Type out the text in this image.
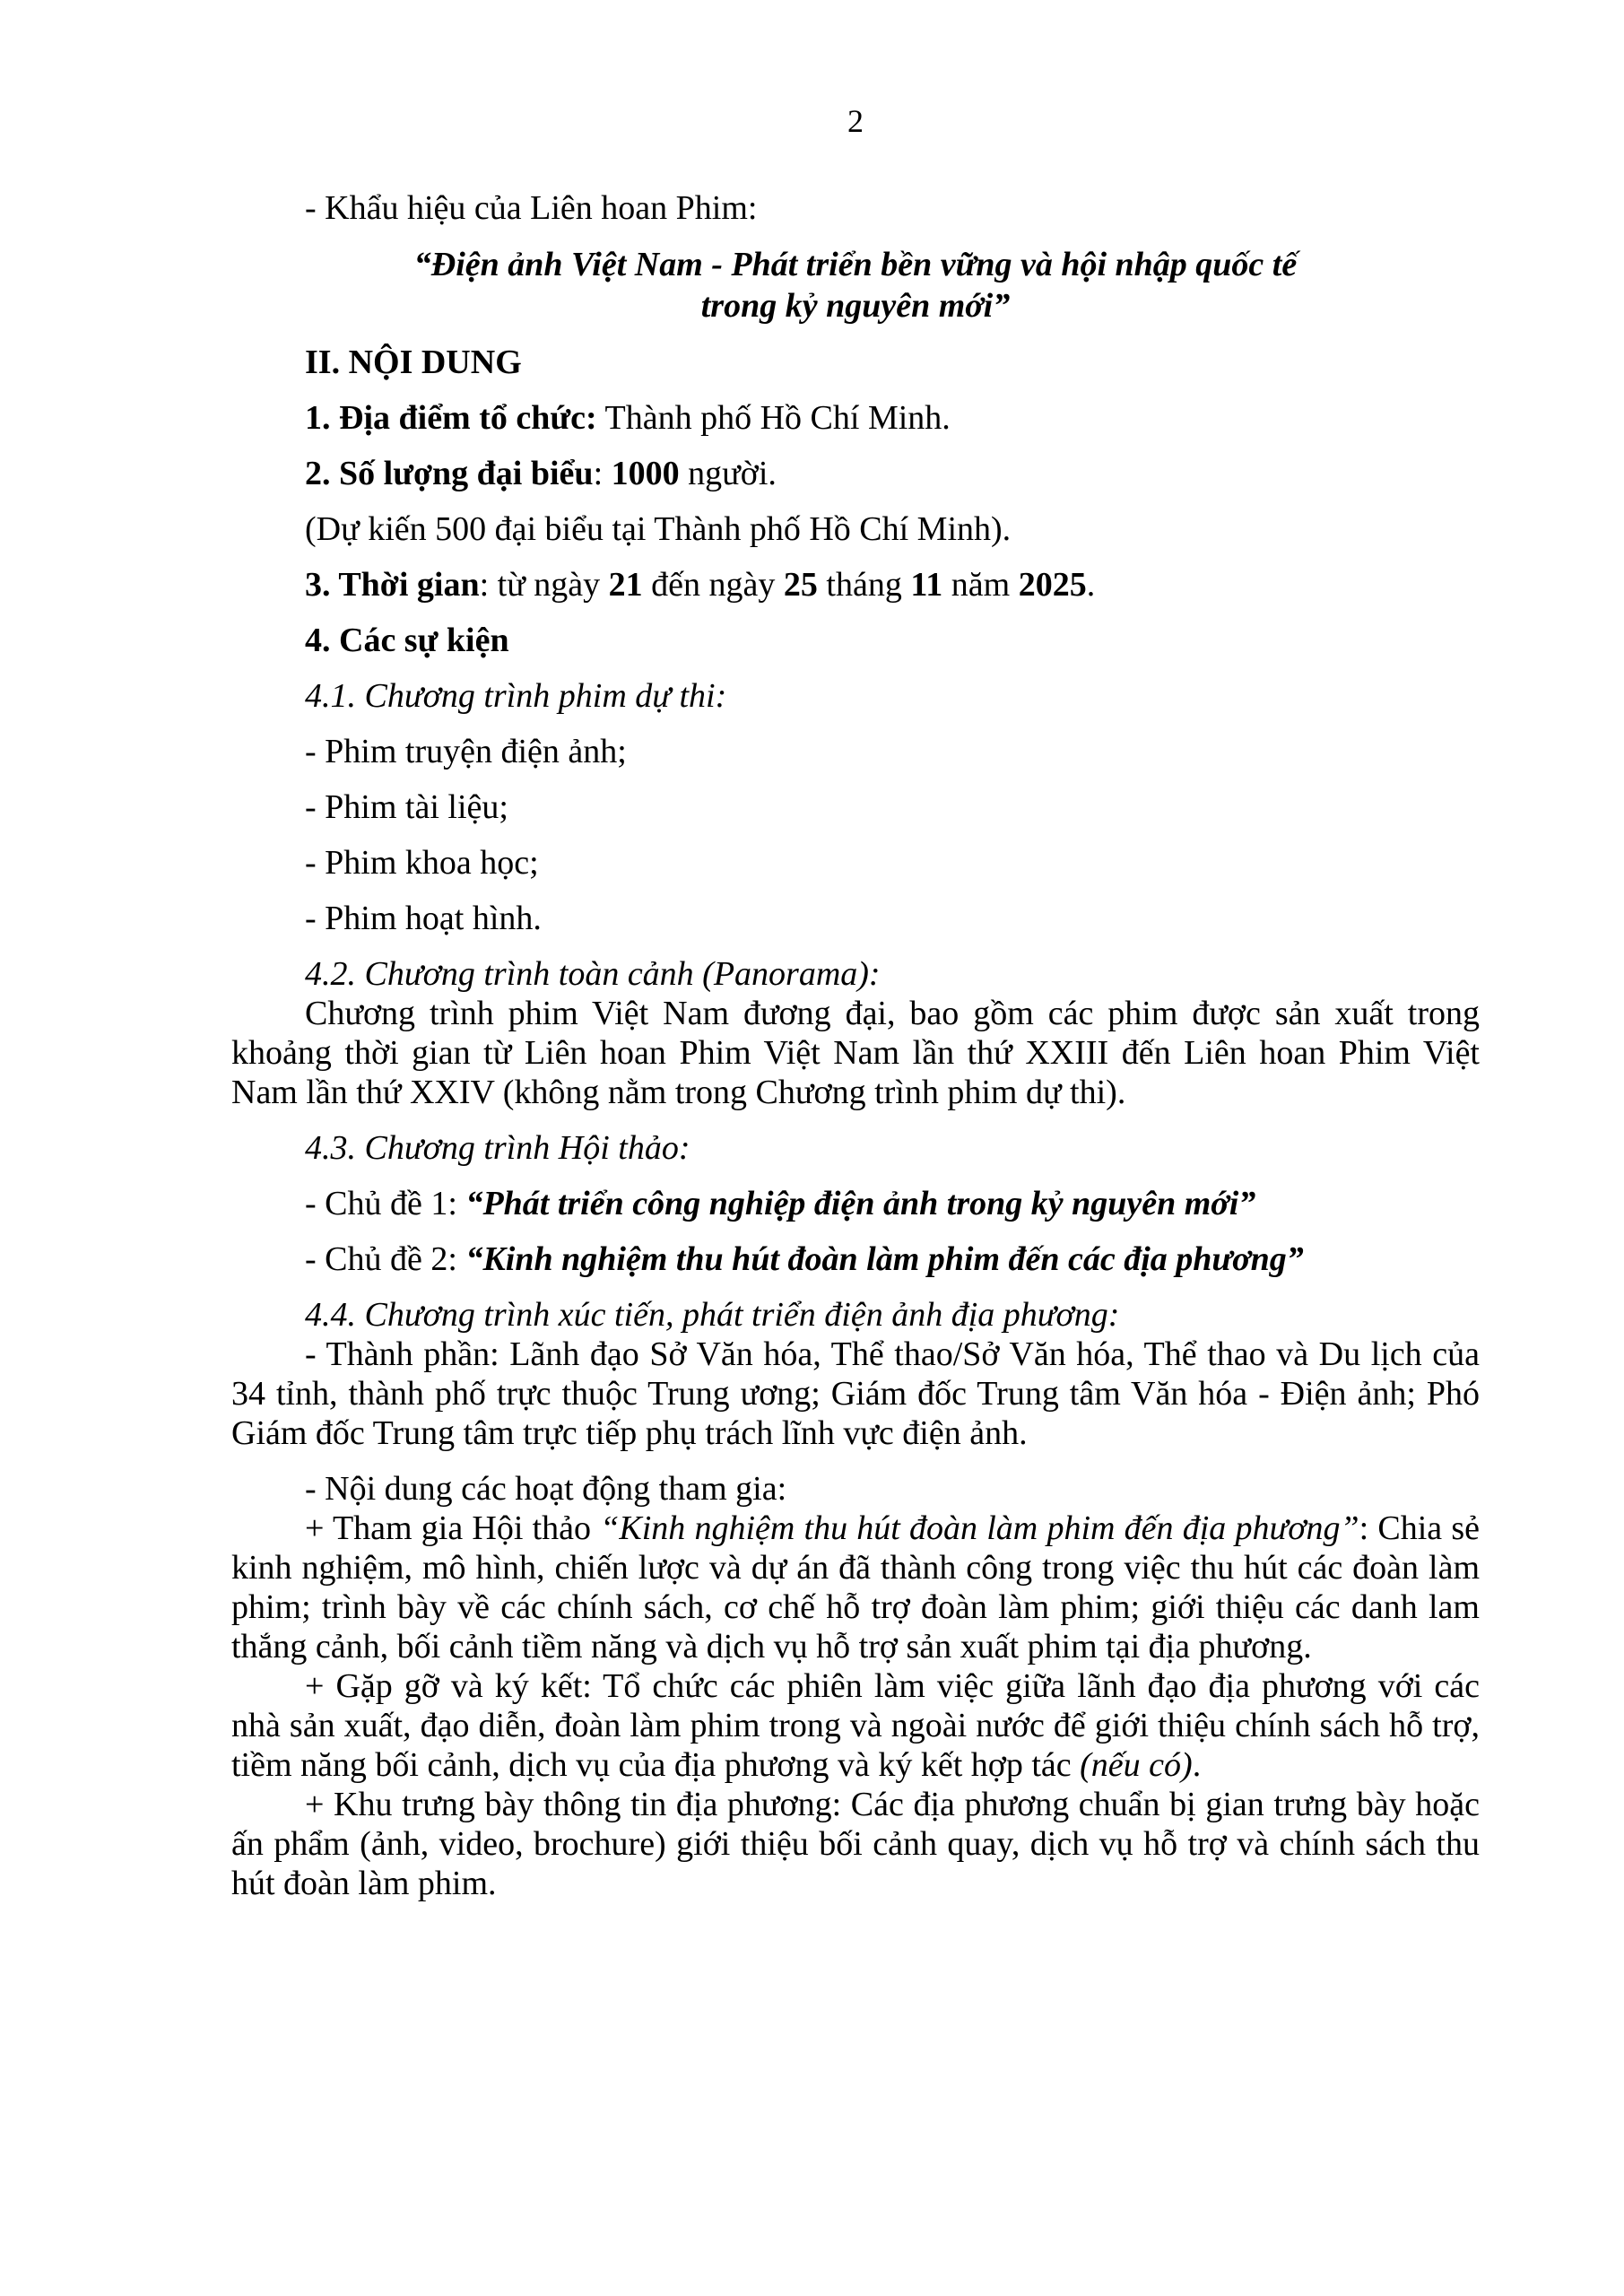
2

- Khẩu hiệu của Liên hoan Phim:

“Điện ảnh Việt Nam - Phát triển bền vững và hội nhập quốc tế

trong kỷ nguyên mới”

II. NỘI DUNG

1. Địa điểm tổ chức: Thành phố Hồ Chí Minh.

2. Số lượng đại biểu: 1000 người.

(Dự kiến 500 đại biểu tại Thành phố Hồ Chí Minh).

3. Thời gian: từ ngày 21 đến ngày 25 tháng 11 năm 2025.

4. Các sự kiện

4.1. Chương trình phim dự thi:

- Phim truyện điện ảnh;

- Phim tài liệu;

- Phim khoa học;

- Phim hoạt hình.

4.2. Chương trình toàn cảnh (Panorama):

Chương trình phim Việt Nam đương đại, bao gồm các phim được sản xuất trong khoảng thời gian từ Liên hoan Phim Việt Nam lần thứ XXIII đến Liên hoan Phim Việt Nam lần thứ XXIV (không nằm trong Chương trình phim dự thi).

4.3. Chương trình Hội thảo:

- Chủ đề 1: “Phát triển công nghiệp điện ảnh trong kỷ nguyên mới”

- Chủ đề 2: “Kinh nghiệm thu hút đoàn làm phim đến các địa phương”

4.4. Chương trình xúc tiến, phát triển điện ảnh địa phương:

- Thành phần: Lãnh đạo Sở Văn hóa, Thể thao/Sở Văn hóa, Thể thao và Du lịch của 34 tỉnh, thành phố trực thuộc Trung ương; Giám đốc Trung tâm Văn hóa - Điện ảnh; Phó Giám đốc Trung tâm trực tiếp phụ trách lĩnh vực điện ảnh.

- Nội dung các hoạt động tham gia:

+ Tham gia Hội thảo “Kinh nghiệm thu hút đoàn làm phim đến địa phương”: Chia sẻ kinh nghiệm, mô hình, chiến lược và dự án đã thành công trong việc thu hút các đoàn làm phim; trình bày về các chính sách, cơ chế hỗ trợ đoàn làm phim; giới thiệu các danh lam thắng cảnh, bối cảnh tiềm năng và dịch vụ hỗ trợ sản xuất phim tại địa phương.

+ Gặp gỡ và ký kết: Tổ chức các phiên làm việc giữa lãnh đạo địa phương với các nhà sản xuất, đạo diễn, đoàn làm phim trong và ngoài nước để giới thiệu chính sách hỗ trợ, tiềm năng bối cảnh, dịch vụ của địa phương và ký kết hợp tác (nếu có).

+ Khu trưng bày thông tin địa phương: Các địa phương chuẩn bị gian trưng bày hoặc ấn phẩm (ảnh, video, brochure) giới thiệu bối cảnh quay, dịch vụ hỗ trợ và chính sách thu hút đoàn làm phim.
